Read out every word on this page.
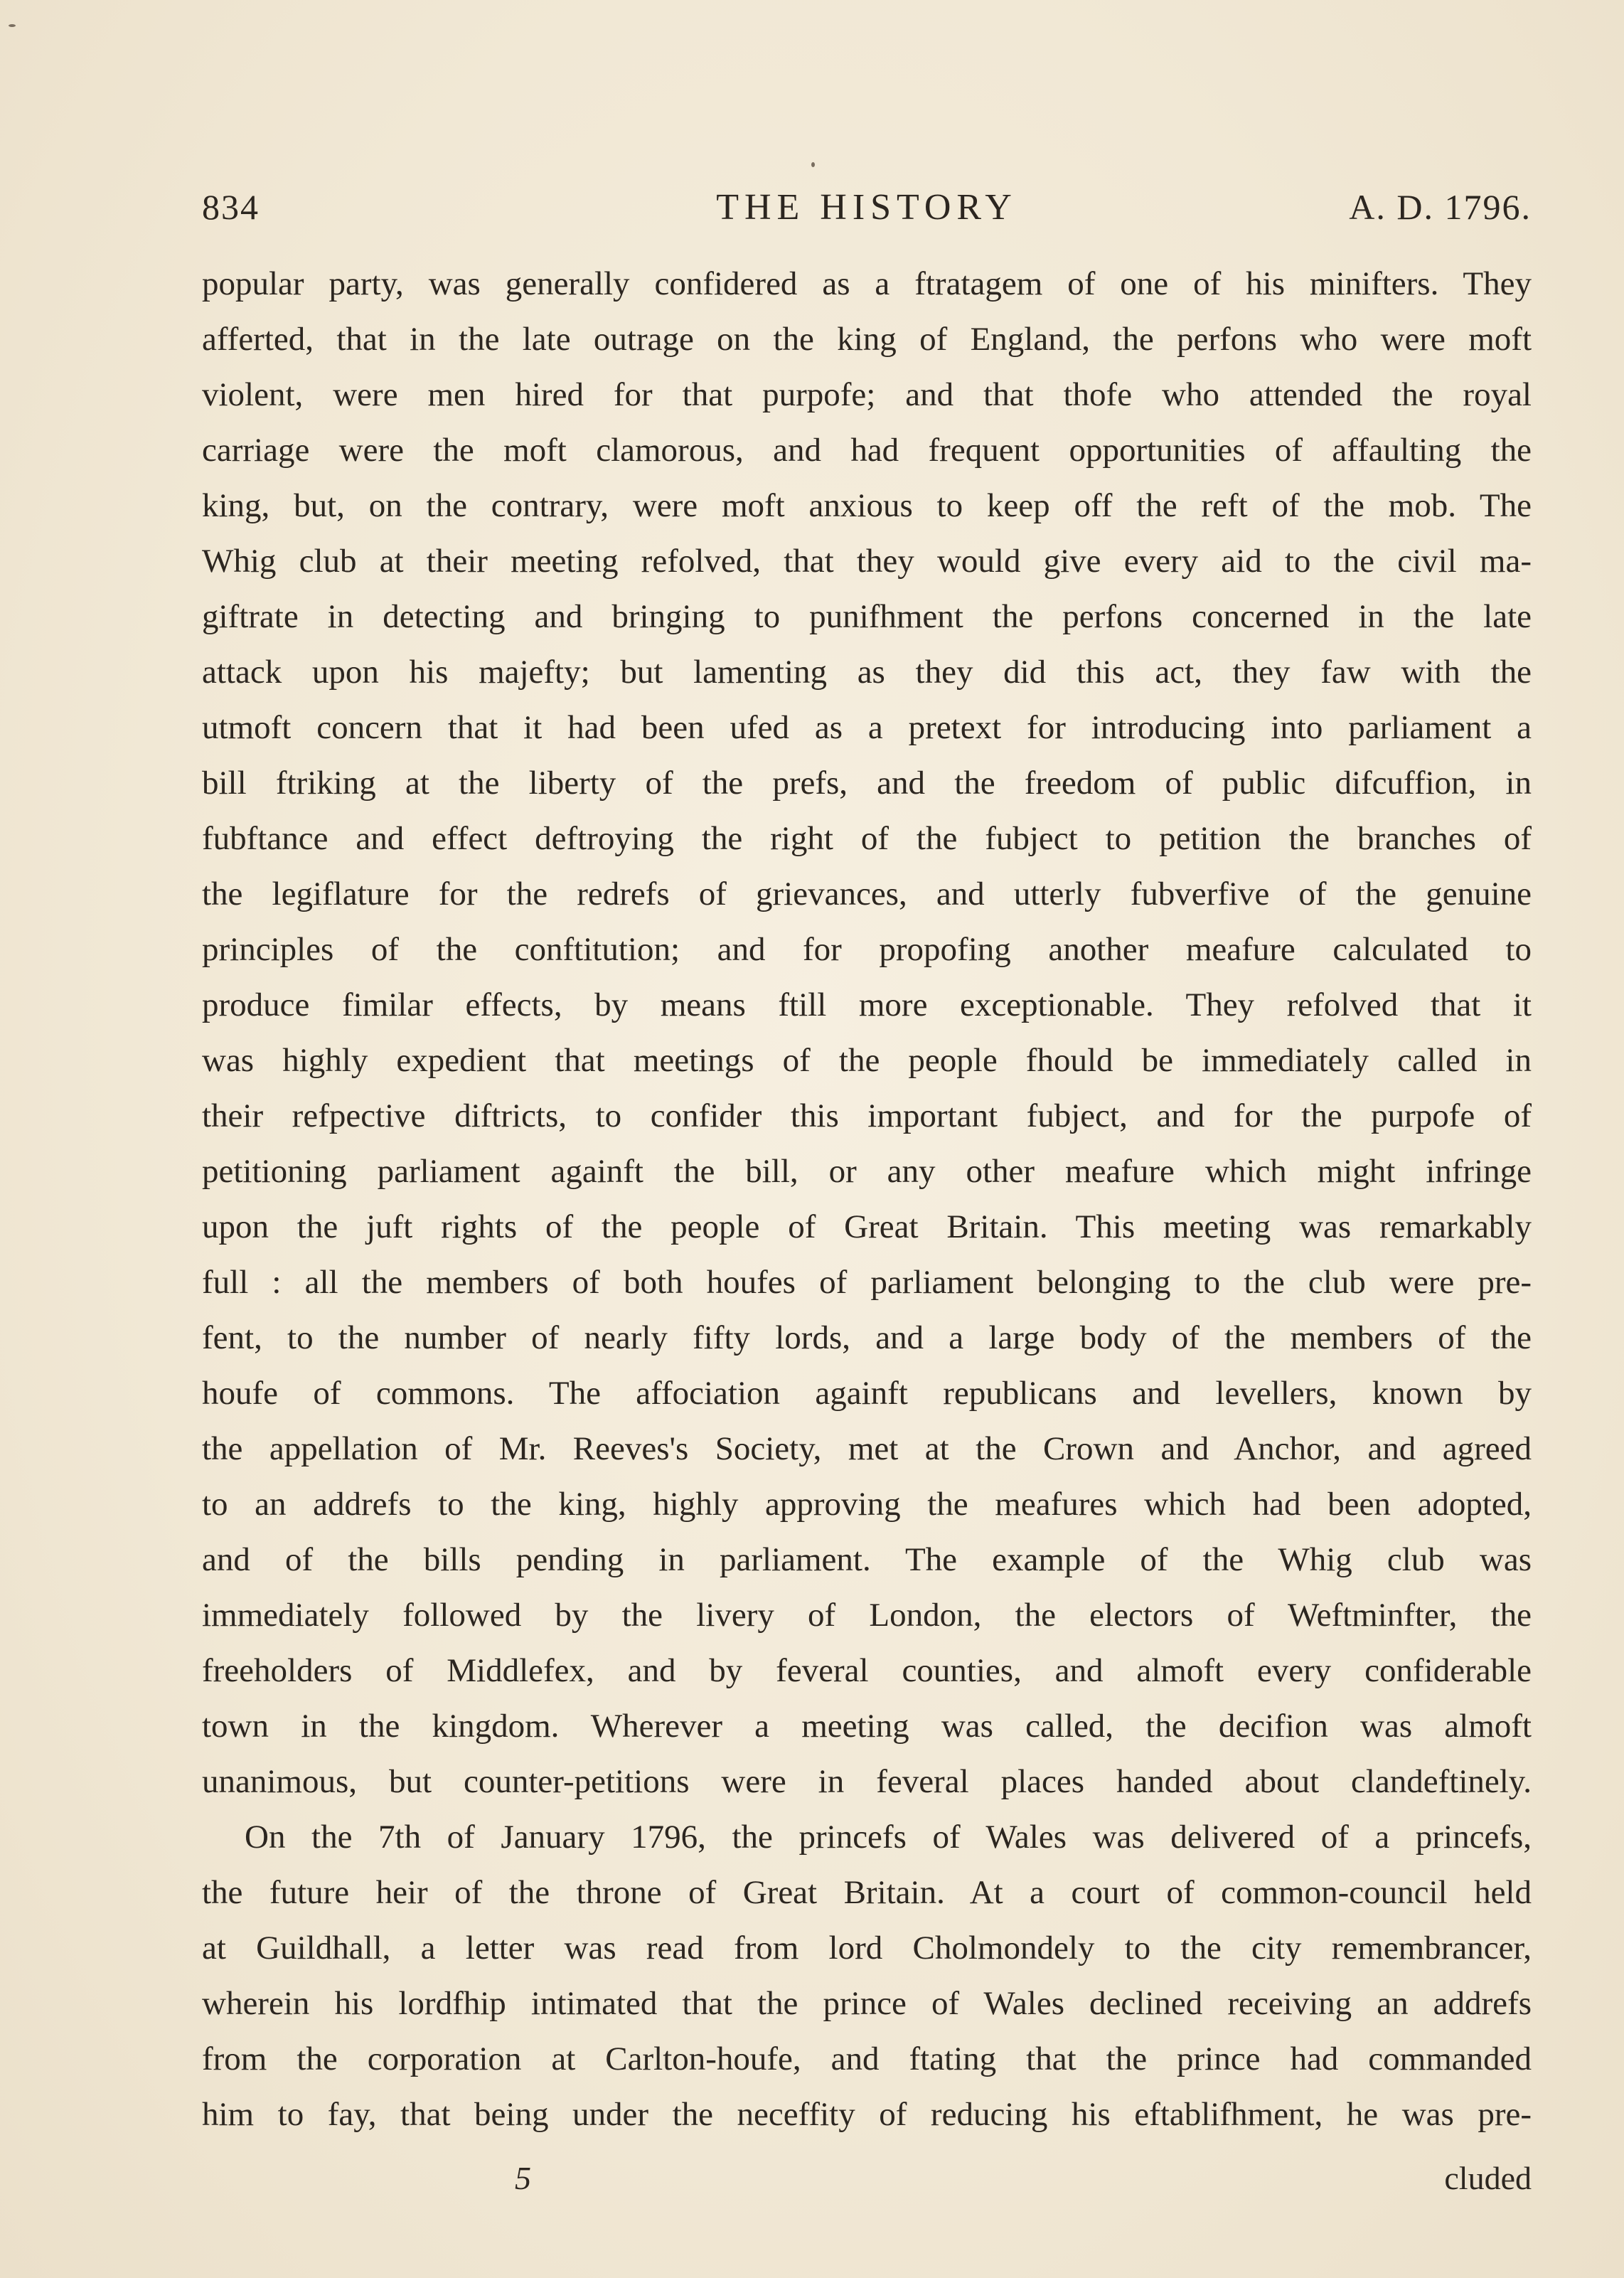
834	THE HISTORY	A. D. 1796.
popular party, was generally confidered as a ftratagem of one of his minifters. They
afferted, that in the late outrage on the king of England, the perfons who were moft
violent, were men hired for that purpofe; and that thofe who attended the royal
carriage were the moft clamorous, and had frequent opportunities of affaulting the
king, but, on the contrary, were moft anxious to keep off the reft of the mob. The
Whig club at their meeting refolved, that they would give every aid to the civil ma-
giftrate in detecting and bringing to punifhment the perfons concerned in the late
attack upon his majefty; but lamenting as they did this act, they faw with the
utmoft concern that it had been ufed as a pretext for introducing into parliament a
bill ftriking at the liberty of the prefs, and the freedom of public difcuffion, in
fubftance and effect deftroying the right of the fubject to petition the branches of
the legiflature for the redrefs of grievances, and utterly fubverfive of the genuine
principles of the conftitution; and for propofing another meafure calculated to
produce fimilar effects, by means ftill more exceptionable. They refolved that it
was highly expedient that meetings of the people fhould be immediately called in
their refpective diftricts, to confider this important fubject, and for the purpofe of
petitioning parliament againft the bill, or any other meafure which might infringe
upon the juft rights of the people of Great Britain. This meeting was remarkably
full : all the members of both houfes of parliament belonging to the club were pre-
fent, to the number of nearly fifty lords, and a large body of the members of the
houfe of commons. The affociation againft republicans and levellers, known by
the appellation of Mr. Reeves's Society, met at the Crown and Anchor, and agreed
to an addrefs to the king, highly approving the meafures which had been adopted,
and of the bills pending in parliament. The example of the Whig club was
immediately followed by the livery of London, the electors of Weftminfter, the
freeholders of Middlefex, and by feveral counties, and almoft every confiderable
town in the kingdom. Wherever a meeting was called, the decifion was almoft
unanimous, but counter-petitions were in feveral places handed about clandeftinely.
On the 7th of January 1796, the princefs of Wales was delivered of a princefs,
the future heir of the throne of Great Britain. At a court of common-council held
at Guildhall, a letter was read from lord Cholmondely to the city remembrancer,
wherein his lordfhip intimated that the prince of Wales declined receiving an addrefs
from the corporation at Carlton-houfe, and ftating that the prince had commanded
him to fay, that being under the neceffity of reducing his eftablifhment, he was pre-
5	cluded
